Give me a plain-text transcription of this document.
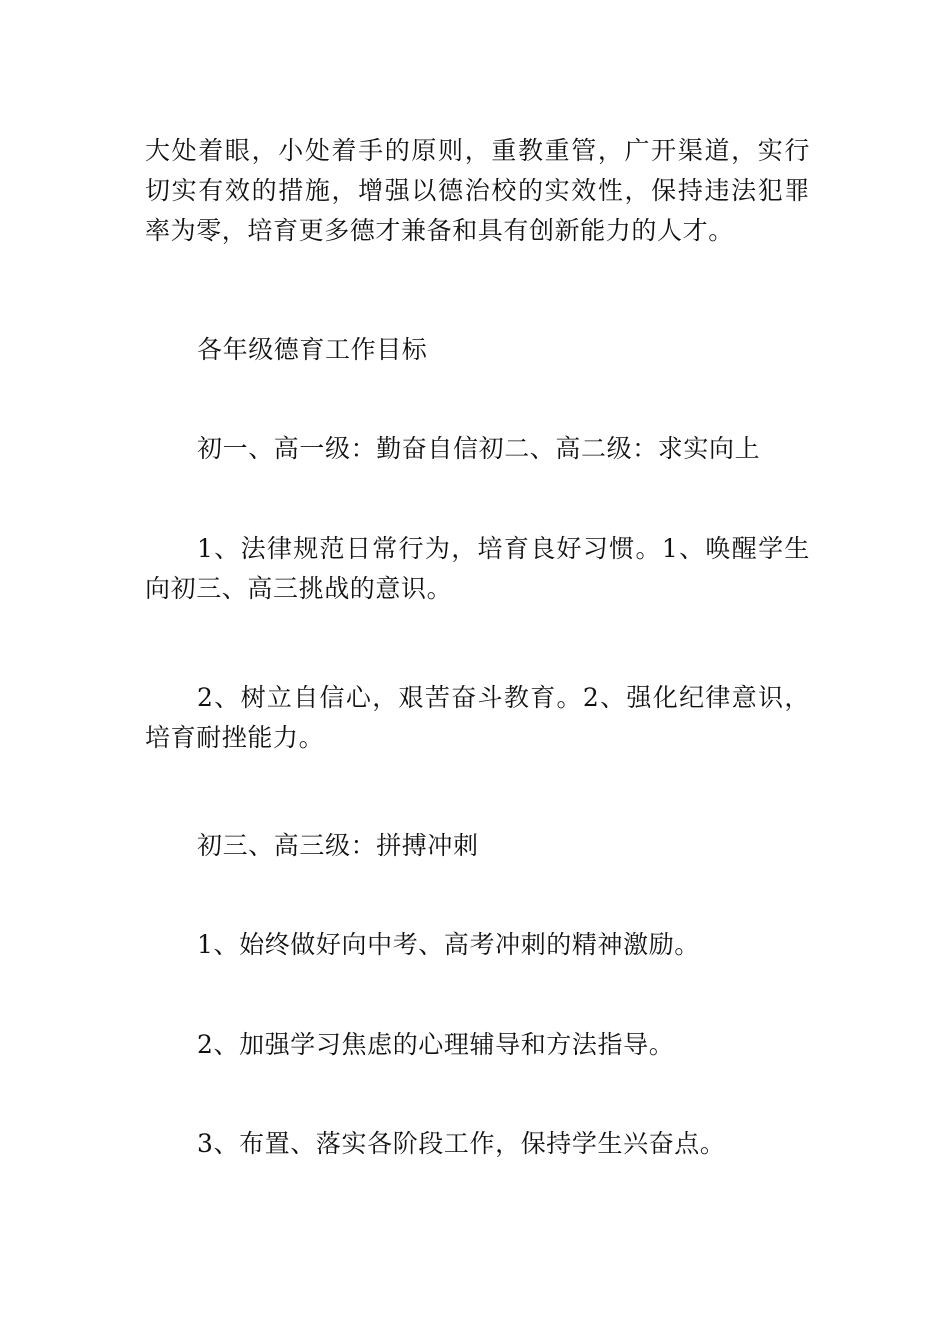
大处着眼，小处着手的原则，重教重管，广开渠道，实行切实有效的措施，增强以德治校的实效性，保持违法犯罪率为零，培育更多德才兼备和具有创新能力的人才。

各年级德育工作目标

初一、高一级：勤奋自信初二、高二级：求实向上

1、法律规范日常行为，培育良好习惯。1、唤醒学生向初三、高三挑战的意识。

2、树立自信心，艰苦奋斗教育。2、强化纪律意识，培育耐挫能力。

初三、高三级：拼搏冲刺

1、始终做好向中考、高考冲刺的精神激励。

2、加强学习焦虑的心理辅导和方法指导。

3、布置、落实各阶段工作，保持学生兴奋点。
